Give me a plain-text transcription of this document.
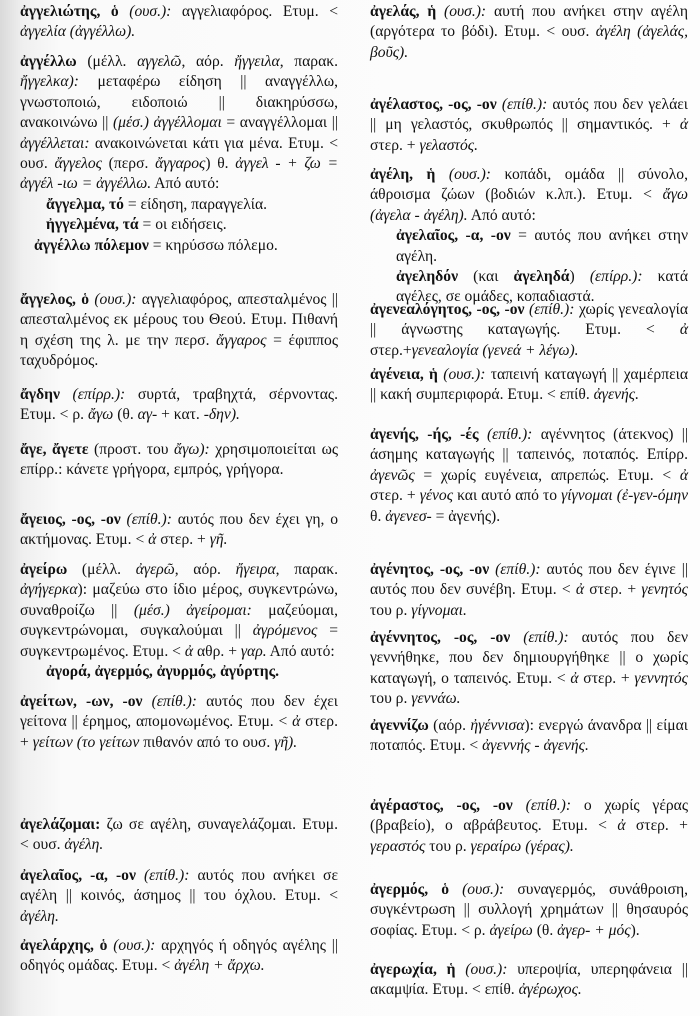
ἀγγελιώτης, ὁ (ουσ.): αγγελιαφόρος. Ετυμ. < ἀγγελία (ἀγγέλλω).

ἀγγέλλω (μέλλ. αγγελῶ, αόρ. ἤγγειλα, παρακ. ἤγγελκα): μεταφέρω είδηση || αναγγέλλω, γνωστοποιώ, ειδοποιώ || διακηρύσσω, ανακοινώνω || (μέσ.) ἀγγέλλομαι = αναγγέλλομαι || ἀγγέλλεται: ανακοινώνεται κάτι για μένα. Ετυμ. < ουσ. ἄγγελος (περσ. ἄγγαρος) θ. ἀγγελ - + ζω = ἀγγέλ -ιω = ἀγγέλλω. Από αυτό:

ἄγγελμα, τό = είδηση, παραγγελία.

ἠγγελμένα, τά = οι ειδήσεις.

ἀγγέλλω πόλεμον = κηρύσσω πόλεμο.

ἄγγελος, ὁ (ουσ.): αγγελιαφόρος, απεσταλμένος || απεσταλμένος εκ μέρους του Θεού. Ετυμ. Πιθανή η σχέση της λ. με την περσ. ἄγγαρος = έφιππος ταχυδρόμος.

ἄγδην (επίρρ.): συρτά, τραβηχτά, σέρνοντας. Ετυμ. < ρ. ἄγω (θ. αγ- + κατ. -δην).

ἄγε, ἄγετε (προστ. του ἄγω): χρησιμοποιείται ως επίρρ.: κάνετε γρήγορα, εμπρός, γρήγορα.

ἄγειος, -ος, -ον (επίθ.): αυτός που δεν έχει γη, ο ακτήμονας. Ετυμ. < ἀ στερ. + γῆ.

ἀγείρω (μέλλ. ἀγερῶ, αόρ. ἤγειρα, παρακ. ἀγήγερκα): μαζεύω στο ίδιο μέρος, συγκεντρώνω, συναθροίζω || (μέσ.) ἀγείρομαι: μαζεύομαι, συγκεντρώνομαι, συγκαλούμαι || ἀγρόμενος = συγκεντρωμένος. Ετυμ. < ἀ αθρ. + γαρ. Από αυτό:

ἀγορά, ἀγερμός, ἀγυρμός, ἀγύρτης.

ἀγείτων, -ων, -ον (επίθ.): αυτός που δεν έχει γείτονα || έρημος, απομονωμένος. Ετυμ. < ἀ στερ. + γείτων (το γείτων πιθανόν από το ουσ. γῆ).

ἀγελάζομαι: ζω σε αγέλη, συναγελάζομαι. Ετυμ. < ουσ. ἀγέλη.

ἀγελαῖος, -α, -ον (επίθ.): αυτός που ανήκει σε αγέλη || κοινός, άσημος || του όχλου. Ετυμ. < ἀγέλη.

ἀγελάρχης, ὁ (ουσ.): αρχηγός ή οδηγός αγέλης || οδηγός ομάδας. Ετυμ. < ἀγέλη + ἄρχω.

ἀγελάς, ἡ (ουσ.): αυτή που ανήκει στην αγέλη (αργότερα το βόδι). Ετυμ. < ουσ. ἀγέλη (ἀγελάς, βοῦς).

ἀγέλαστος, -ος, -ον (επίθ.): αυτός που δεν γελάει || μη γελαστός, σκυθρωπός || σημαντικός. + ἀ στερ. + γελαστός.

ἀγέλη, ἡ (ουσ.): κοπάδι, ομάδα || σύνολο, άθροισμα ζώων (βοδιών κ.λπ.). Ετυμ. < ἄγω (ἀγελα - ἀγέλη). Από αυτό:

ἀγελαῖος, -α, -ον = αυτός που ανήκει στην αγέλη.

ἀγεληδόν (και ἀγεληδά) (επίρρ.): κατά αγέλες, σε ομάδες, κοπαδιαστά.

ἀγενεαλόγητος, -ος, -ον (επίθ.): χωρίς γενεαλογία || άγνωστης καταγωγής. Ετυμ. < ἀ στερ.+γενεαλογία (γενεά + λέγω).

ἀγένεια, ἡ (ουσ.): ταπεινή καταγωγή || χαμέρπεια || κακή συμπεριφορά. Ετυμ. < επίθ. ἀγενής.

ἀγενής, -ής, -ές (επίθ.): αγέννητος (άτεκνος) || άσημης καταγωγής || ταπεινός, ποταπός. Επίρρ. ἀγενῶς = χωρίς ευγένεια, απρεπώς. Ετυμ. < ἀ στερ. + γένος και αυτό από το γίγνομαι (ἐ-γεν-όμην θ. ἀγενεσ- = ἀγενής).

ἀγένητος, -ος, -ον (επίθ.): αυτός που δεν έγινε || αυτός που δεν συνέβη. Ετυμ. < ἀ στερ. + γενητός του ρ. γίγνομαι.

ἀγέννητος, -ος, -ον (επίθ.): αυτός που δεν γεννήθηκε, που δεν δημιουργήθηκε || ο χωρίς καταγωγή, ο ταπεινός. Ετυμ. < ἀ στερ. + γεννητός του ρ. γεννάω.

ἀγεννίζω (αόρ. ἠγέννισα): ενεργώ άνανδρα || είμαι ποταπός. Ετυμ. < ἀγεννής - ἀγενής.

ἀγέραστος, -ος, -ον (επίθ.): ο χωρίς γέρας (βραβείο), ο αβράβευτος. Ετυμ. < ἀ στερ. + γεραστός του ρ. γεραίρω (γέρας).

ἀγερμός, ὁ (ουσ.): συναγερμός, συνάθροιση, συγκέντρωση || συλλογή χρημάτων || θησαυρός σοφίας. Ετυμ. < ρ. ἀγείρω (θ. ἀγερ- + μός).

ἀγερωχία, ἡ (ουσ.): υπεροψία, υπερηφάνεια || ακαμψία. Ετυμ. < επίθ. ἀγέρωχος.
